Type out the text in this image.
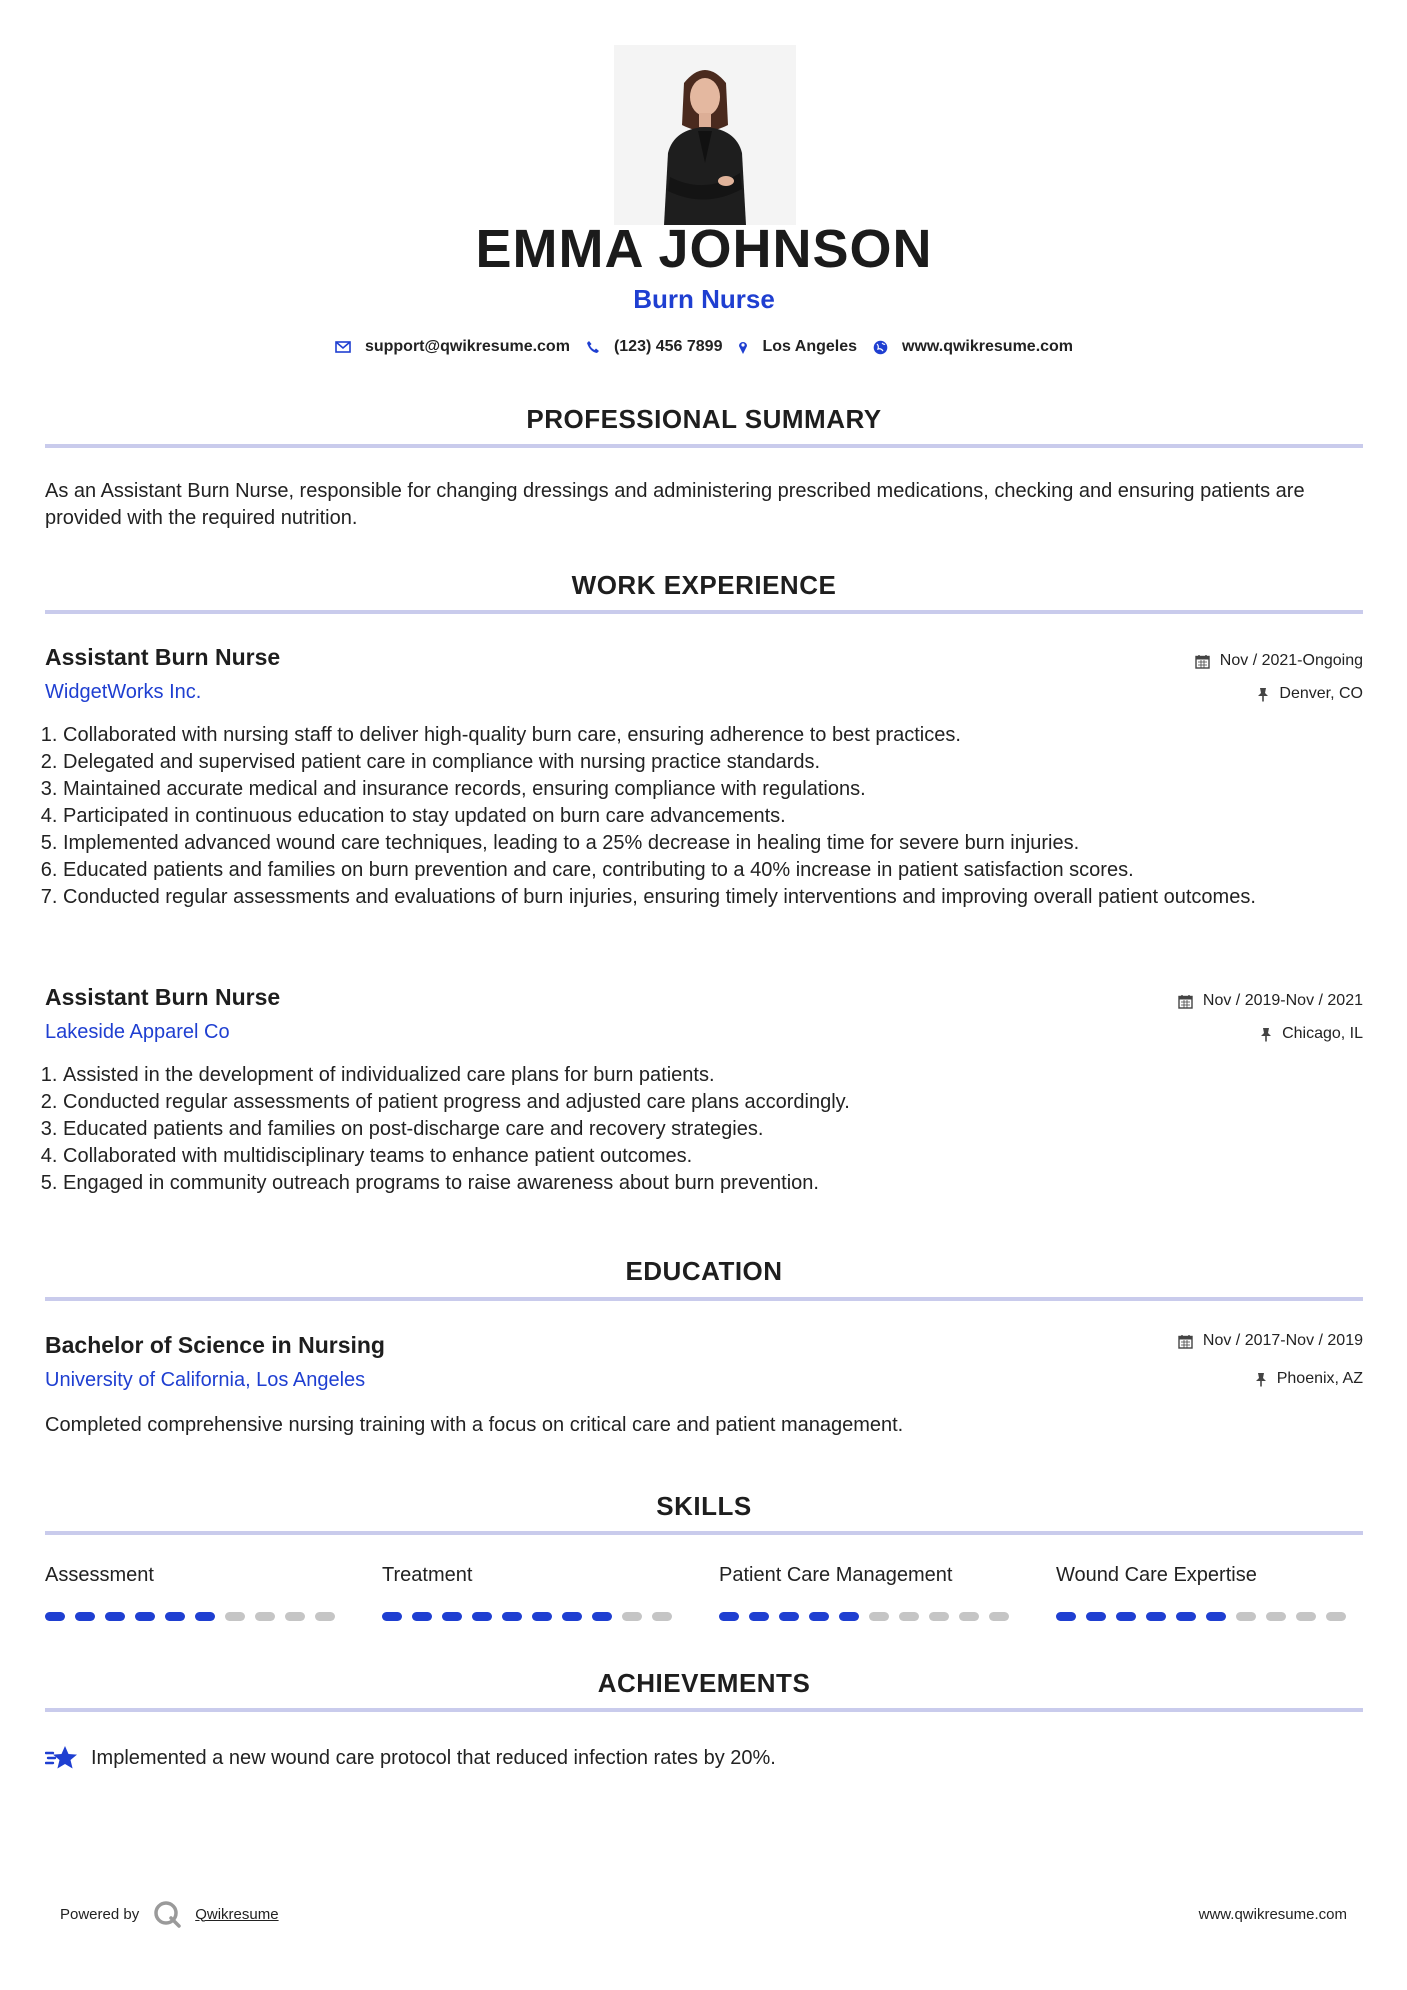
EMMA JOHNSON
Burn Nurse
support@qwikresume.com	(123) 456 7899	Los Angeles	www.qwikresume.com
PROFESSIONAL SUMMARY
As an Assistant Burn Nurse, responsible for changing dressings and administering prescribed medications, checking and ensuring patients are provided with the required nutrition.
WORK EXPERIENCE
Assistant Burn Nurse
WidgetWorks Inc.
Nov / 2021-Ongoing
Denver, CO
1. Collaborated with nursing staff to deliver high-quality burn care, ensuring adherence to best practices.
2. Delegated and supervised patient care in compliance with nursing practice standards.
3. Maintained accurate medical and insurance records, ensuring compliance with regulations.
4. Participated in continuous education to stay updated on burn care advancements.
5. Implemented advanced wound care techniques, leading to a 25% decrease in healing time for severe burn injuries.
6. Educated patients and families on burn prevention and care, contributing to a 40% increase in patient satisfaction scores.
7. Conducted regular assessments and evaluations of burn injuries, ensuring timely interventions and improving overall patient outcomes.
Assistant Burn Nurse
Lakeside Apparel Co
Nov / 2019-Nov / 2021
Chicago, IL
1. Assisted in the development of individualized care plans for burn patients.
2. Conducted regular assessments of patient progress and adjusted care plans accordingly.
3. Educated patients and families on post-discharge care and recovery strategies.
4. Collaborated with multidisciplinary teams to enhance patient outcomes.
5. Engaged in community outreach programs to raise awareness about burn prevention.
EDUCATION
Bachelor of Science in Nursing
University of California, Los Angeles
Nov / 2017-Nov / 2019
Phoenix, AZ
Completed comprehensive nursing training with a focus on critical care and patient management.
SKILLS
Assessment	Treatment	Patient Care Management	Wound Care Expertise
ACHIEVEMENTS
Implemented a new wound care protocol that reduced infection rates by 20%.
Powered by	Qwikresume	www.qwikresume.com
